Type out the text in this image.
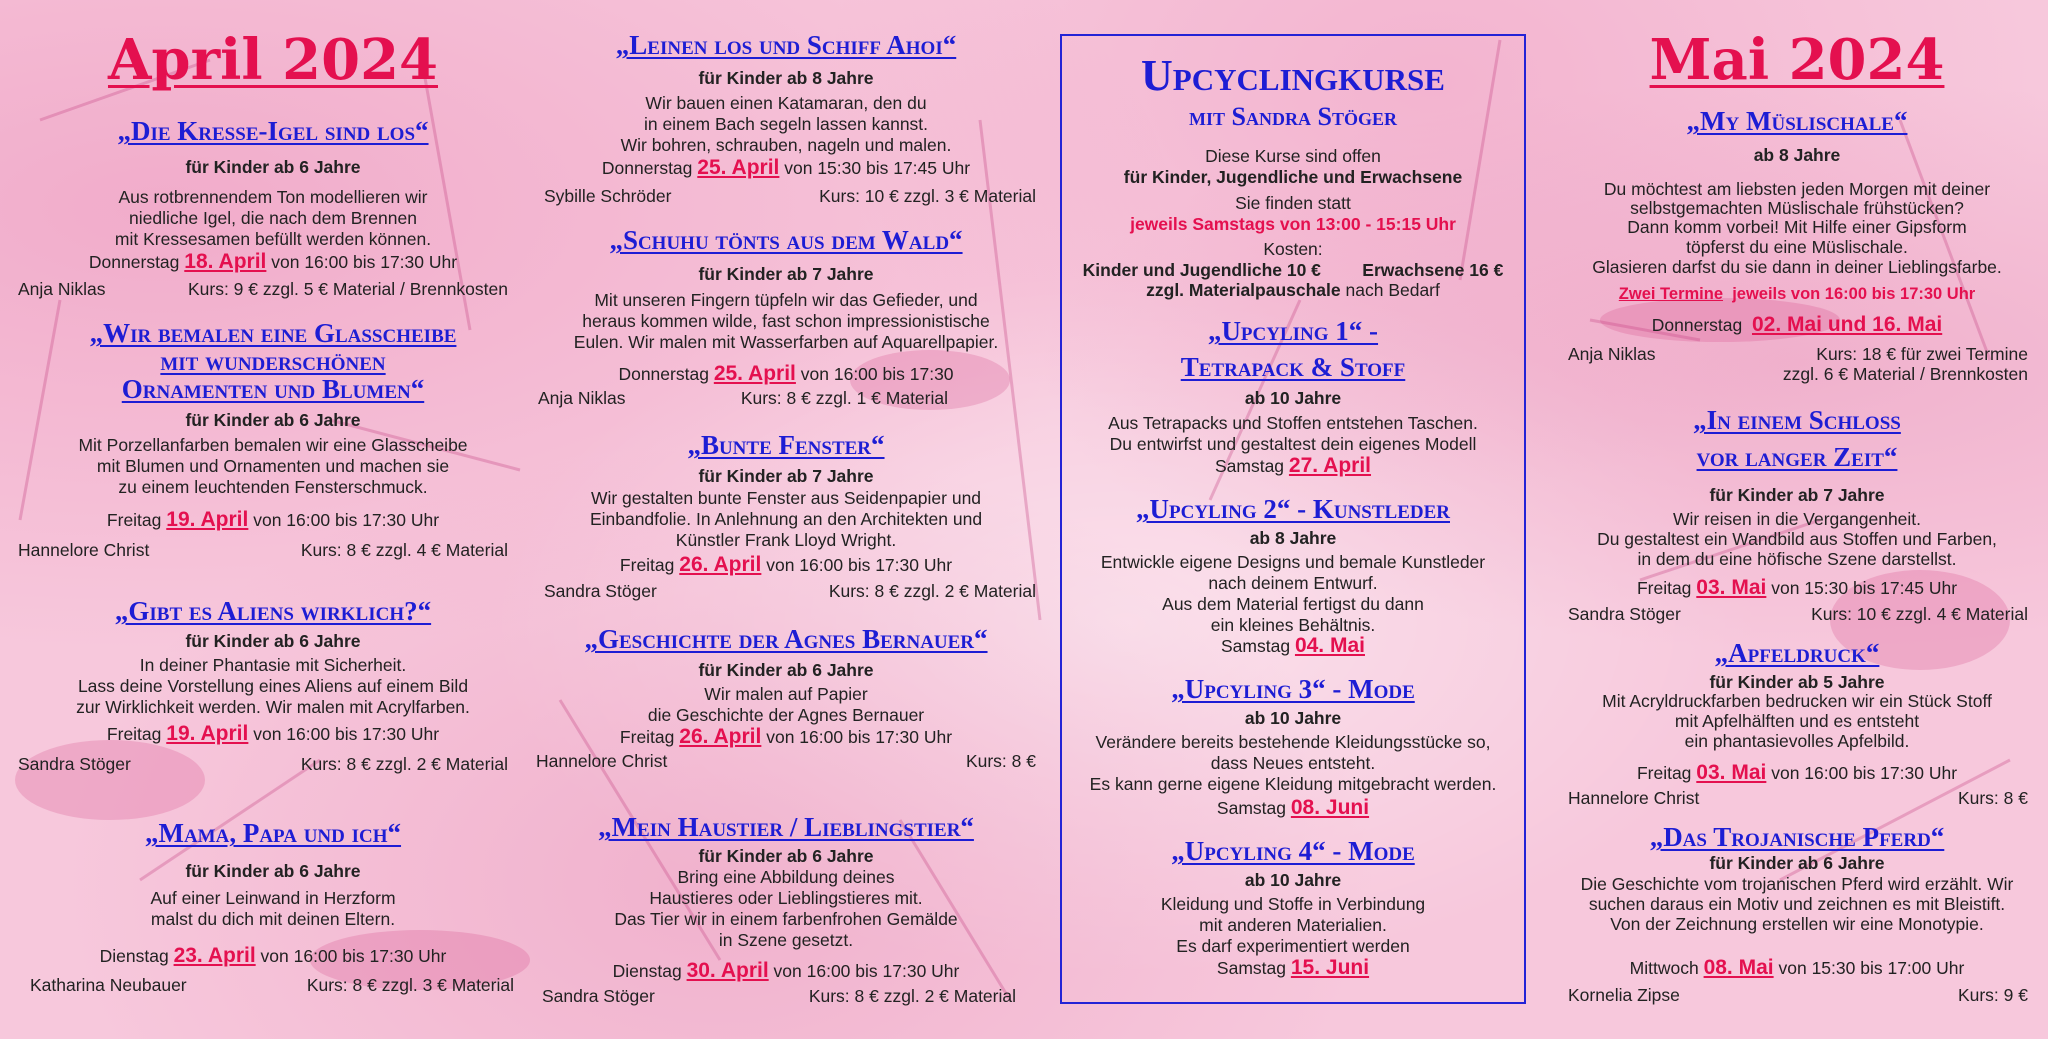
April 2024
„Die Kresse-Igel sind los“
für Kinder ab 6 Jahre
Aus rotbrennendem Ton modellieren wir
niedliche Igel, die nach dem Brennen
mit Kressesamen befüllt werden können.
Donnerstag 18. April von 16:00 bis 17:30 Uhr
Anja Niklas	Kurs: 9 € zzgl. 5 € Material / Brennkosten
„Wir bemalen eine Glasscheibe
mit wunderschönen
Ornamenten und Blumen“
für Kinder ab 6 Jahre
Mit Porzellanfarben bemalen wir eine Glasscheibe
mit Blumen und Ornamenten und machen sie
zu einem leuchtenden Fensterschmuck.
Freitag 19. April von 16:00 bis 17:30 Uhr
Hannelore Christ	Kurs: 8 € zzgl. 4 € Material
„Gibt es Aliens wirklich?“
für Kinder ab 6 Jahre
In deiner Phantasie mit Sicherheit.
Lass deine Vorstellung eines Aliens auf einem Bild
zur Wirklichkeit werden. Wir malen mit Acrylfarben.
Freitag 19. April von 16:00 bis 17:30 Uhr
Sandra Stöger	Kurs: 8 € zzgl. 2 € Material
„Mama, Papa und ich“
für Kinder ab 6 Jahre
Auf einer Leinwand in Herzform
malst du dich mit deinen Eltern.
Dienstag 23. April von 16:00 bis 17:30 Uhr
Katharina Neubauer	Kurs: 8 € zzgl. 3 € Material
„Leinen los und Schiff Ahoi“
für Kinder ab 8 Jahre
Wir bauen einen Katamaran, den du
in einem Bach segeln lassen kannst.
Wir bohren, schrauben, nageln und malen.
Donnerstag 25. April von 15:30 bis 17:45 Uhr
Sybille Schröder	Kurs: 10 € zzgl. 3 € Material
„Schuhu tönts aus dem Wald“
für Kinder ab 7 Jahre
Mit unseren Fingern tüpfeln wir das Gefieder, und
heraus kommen wilde, fast schon impressionistische
Eulen. Wir malen mit Wasserfarben auf Aquarellpapier.
Donnerstag 25. April von 16:00 bis 17:30
Anja Niklas	Kurs: 8 € zzgl. 1 € Material
„Bunte Fenster“
für Kinder ab 7 Jahre
Wir gestalten bunte Fenster aus Seidenpapier und
Einbandfolie. In Anlehnung an den Architekten und
Künstler Frank Lloyd Wright.
Freitag 26. April von 16:00 bis 17:30 Uhr
Sandra Stöger	Kurs: 8 € zzgl. 2 € Material
„Geschichte der Agnes Bernauer“
für Kinder ab 6 Jahre
Wir malen auf Papier
die Geschichte der Agnes Bernauer
Freitag 26. April von 16:00 bis 17:30 Uhr
Hannelore Christ	Kurs: 8 €
„Mein Haustier / Lieblingstier“
für Kinder ab 6 Jahre
Bring eine Abbildung deines
Haustieres oder Lieblingstieres mit.
Das Tier wir in einem farbenfrohen Gemälde
in Szene gesetzt.
Dienstag 30. April von 16:00 bis 17:30 Uhr
Sandra Stöger	Kurs: 8 € zzgl. 2 € Material
Upcyclingkurse
mit Sandra Stöger
Diese Kurse sind offen
für Kinder, Jugendliche und Erwachsene
Sie finden statt
jeweils Samstags von 13:00 - 15:15 Uhr
Kosten:
Kinder und Jugendliche 10 € Erwachsene 16 €
zzgl. Materialpauschale nach Bedarf
„Upcyling 1“ -
Tetrapack & Stoff
ab 10 Jahre
Aus Tetrapacks und Stoffen entstehen Taschen.
Du entwirfst und gestaltest dein eigenes Modell
Samstag 27. April
„Upcyling 2“ - Kunstleder
ab 8 Jahre
Entwickle eigene Designs und bemale Kunstleder
nach deinem Entwurf.
Aus dem Material fertigst du dann
ein kleines Behältnis.
Samstag 04. Mai
„Upcyling 3“ - Mode
ab 10 Jahre
Verändere bereits bestehende Kleidungsstücke so,
dass Neues entsteht.
Es kann gerne eigene Kleidung mitgebracht werden.
Samstag 08. Juni
„Upcyling 4“ - Mode
ab 10 Jahre
Kleidung und Stoffe in Verbindung
mit anderen Materialien.
Es darf experimentiert werden
Samstag 15. Juni
Mai 2024
„My Müslischale“
ab 8 Jahre
Du möchtest am liebsten jeden Morgen mit deiner
selbstgemachten Müslischale frühstücken?
Dann komm vorbei! Mit Hilfe einer Gipsform
töpferst du eine Müslischale.
Glasieren darfst du sie dann in deiner Lieblingsfarbe.
Zwei Termine jeweils von 16:00 bis 17:30 Uhr
Donnerstag 02. Mai und 16. Mai
Anja Niklas	Kurs: 18 € für zwei Termine
zzgl. 6 € Material / Brennkosten
„In einem Schloss
vor langer Zeit“
für Kinder ab 7 Jahre
Wir reisen in die Vergangenheit.
Du gestaltest ein Wandbild aus Stoffen und Farben,
in dem du eine höfische Szene darstellst.
Freitag 03. Mai von 15:30 bis 17:45 Uhr
Sandra Stöger	Kurs: 10 € zzgl. 4 € Material
„Apfeldruck“
für Kinder ab 5 Jahre
Mit Acryldruckfarben bedrucken wir ein Stück Stoff
mit Apfelhälften und es entsteht
ein phantasievolles Apfelbild.
Freitag 03. Mai von 16:00 bis 17:30 Uhr
Hannelore Christ	Kurs: 8 €
„Das Trojanische Pferd“
für Kinder ab 6 Jahre
Die Geschichte vom trojanischen Pferd wird erzählt. Wir
suchen daraus ein Motiv und zeichnen es mit Bleistift.
Von der Zeichnung erstellen wir eine Monotypie.
Mittwoch 08. Mai von 15:30 bis 17:00 Uhr
Kornelia Zipse	Kurs: 9 €
